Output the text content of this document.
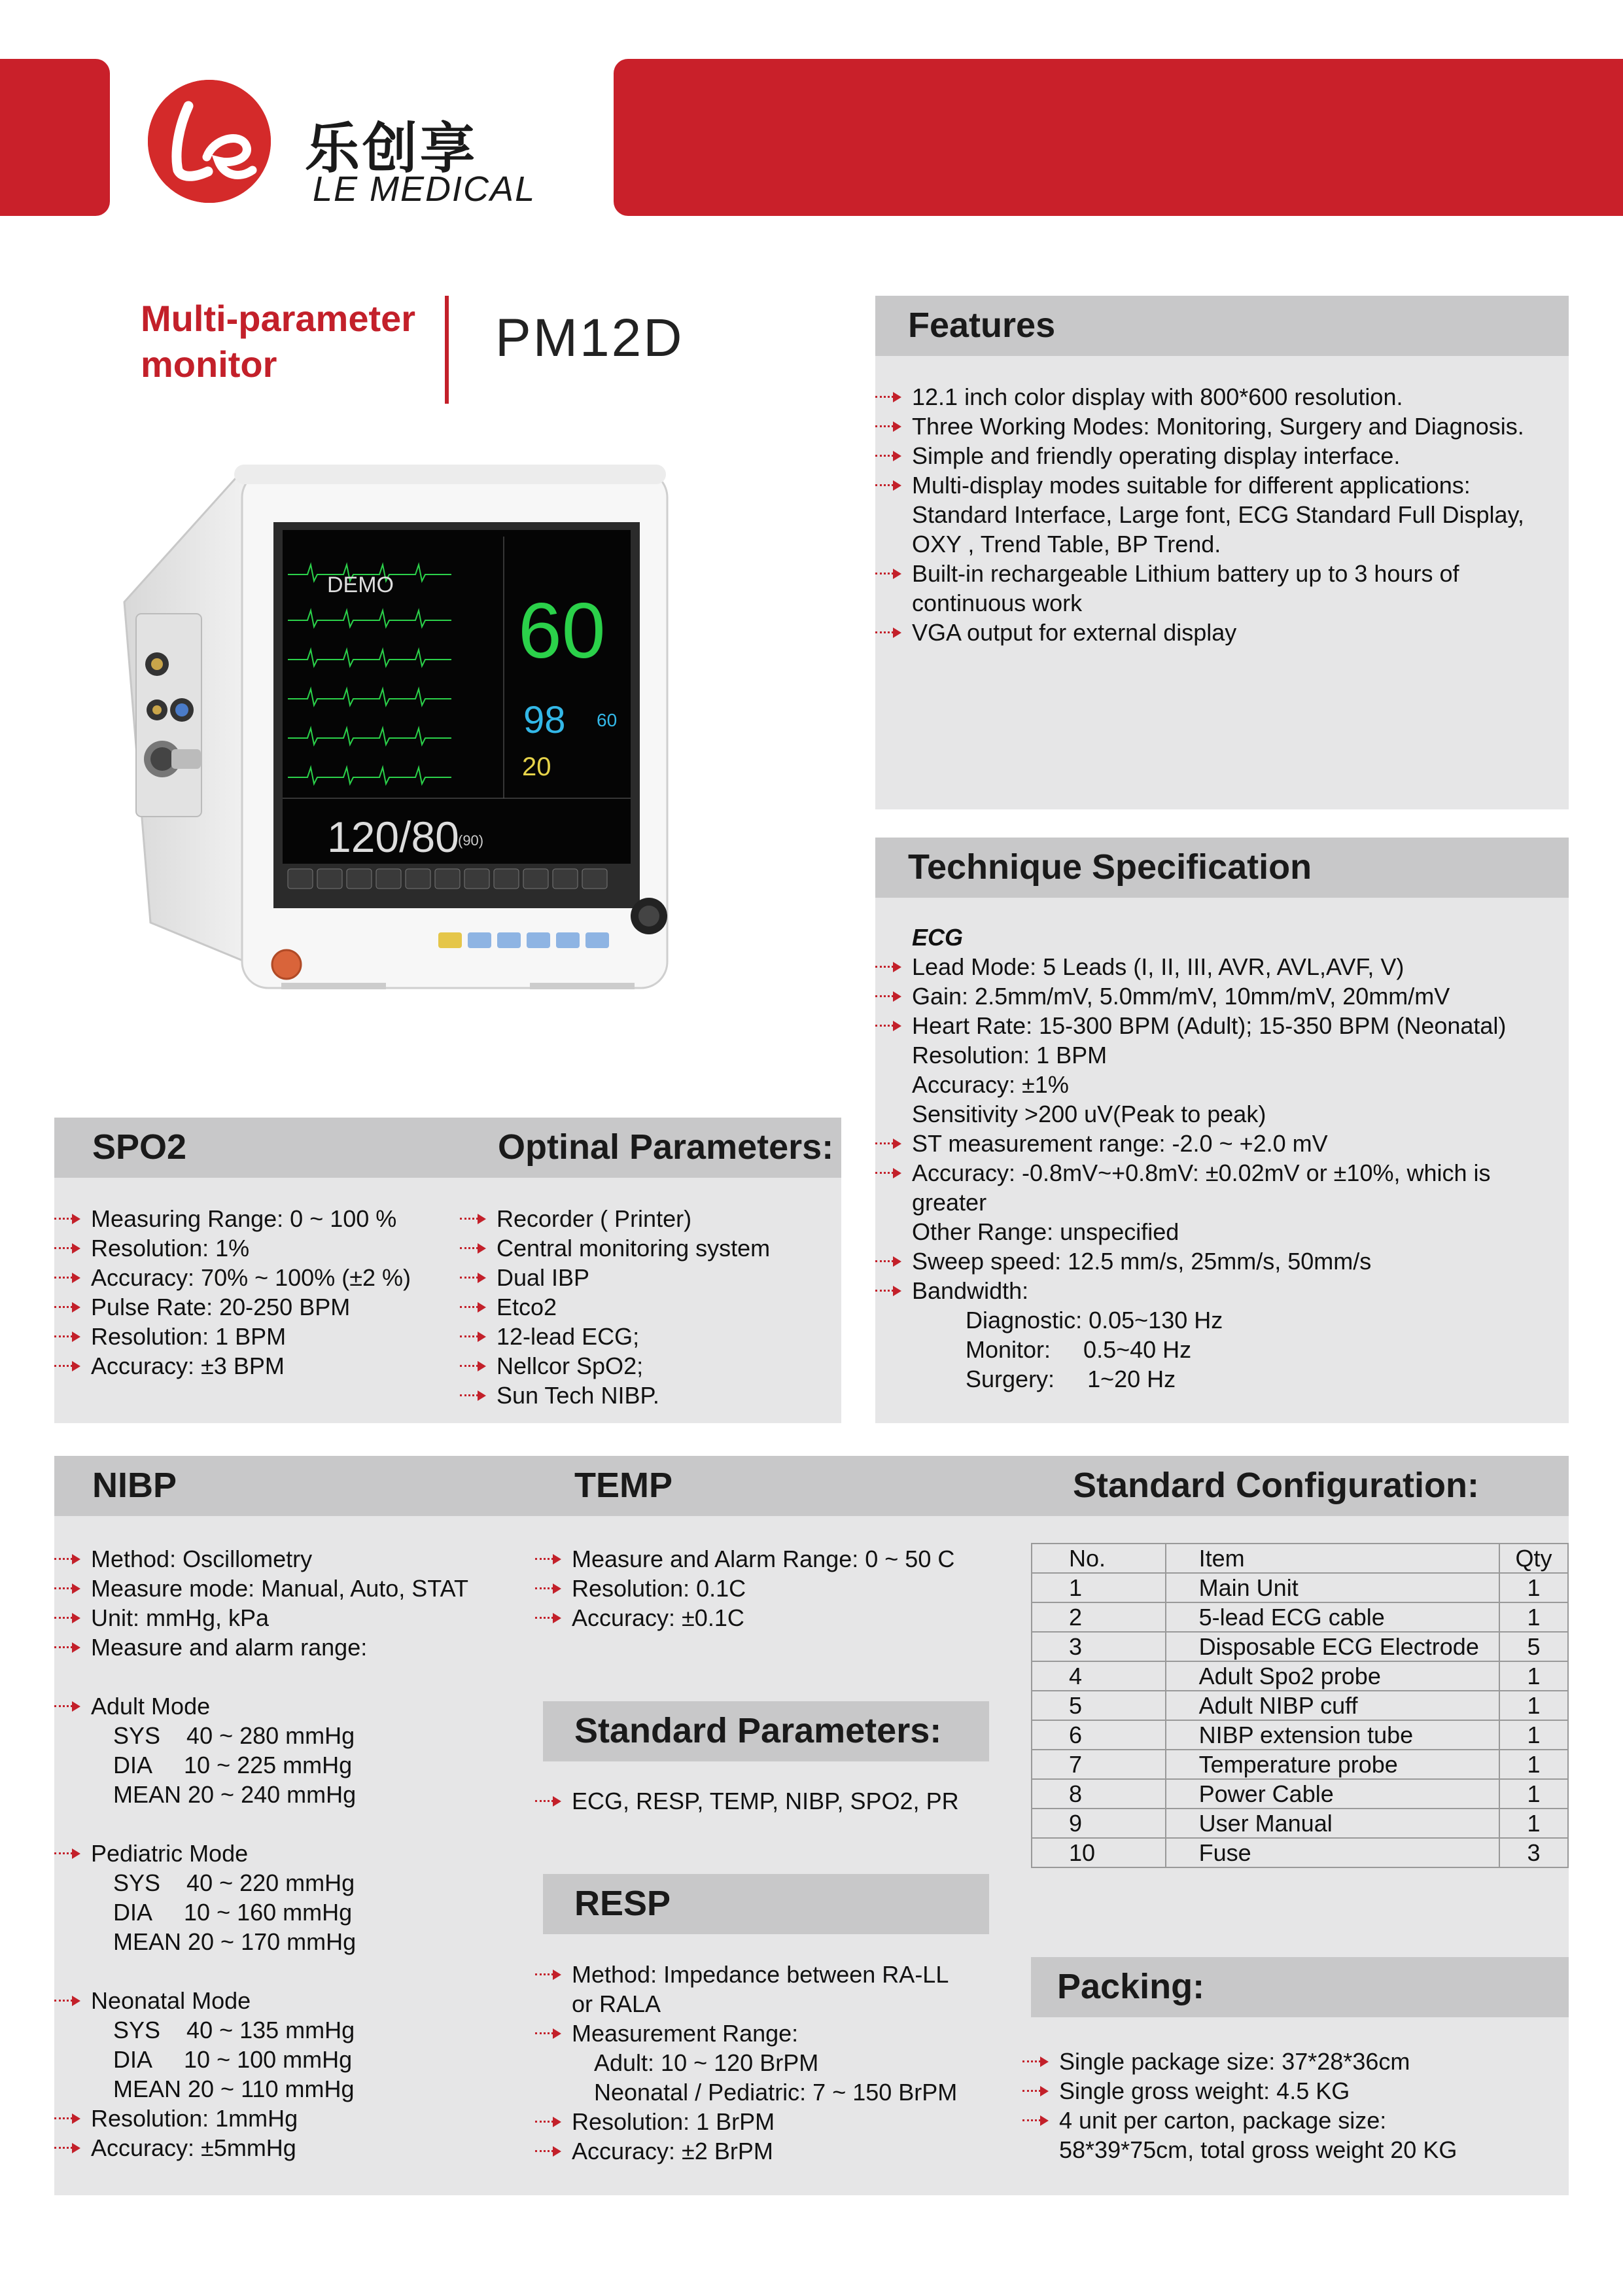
乐创享
LE MEDICAL
Multi-parameter
monitor	PM12D
DEMO
60
98 60
20
120/80
(90)
Features
12.1 inch color display with 800*600 resolution.
Three Working Modes: Monitoring, Surgery and Diagnosis.
Simple and friendly operating display interface.
Multi-display modes suitable for different applications:
Standard Interface, Large font, ECG Standard Full Display,
OXY , Trend Table, BP Trend.
Built-in rechargeable Lithium battery up to 3 hours of
continuous work
VGA output for external display
Technique Specification
ECG
Lead Mode: 5 Leads (I, II, III, AVR, AVL,AVF, V)
Gain: 2.5mm/mV, 5.0mm/mV, 10mm/mV, 20mm/mV
Heart Rate: 15-300 BPM (Adult); 15-350 BPM (Neonatal)
Resolution: 1 BPM
Accuracy: ±1%
Sensitivity >200 uV(Peak to peak)
ST measurement range: -2.0 ~ +2.0 mV
Accuracy: -0.8mV~+0.8mV: ±0.02mV or ±10%, which is
greater
Other Range: unspecified
Sweep speed: 12.5 mm/s, 25mm/s, 50mm/s
Bandwidth:
Diagnostic: 0.05~130 Hz
Monitor:     0.5~40 Hz
Surgery:     1~20 Hz
SPO2	Optinal Parameters:
Measuring Range: 0 ~ 100 %
Resolution: 1%
Accuracy: 70% ~ 100% (±2 %)
Pulse Rate: 20-250 BPM
Resolution: 1 BPM
Accuracy: ±3 BPM
Recorder ( Printer)
Central monitoring system
Dual IBP
Etco2
12-lead ECG;
Nellcor SpO2;
Sun Tech NIBP.
NIBP	TEMP	Standard Configuration:
Method: Oscillometry
Measure mode: Manual, Auto, STAT
Unit: mmHg, kPa
Measure and alarm range:
Adult Mode
SYS    40 ~ 280 mmHg
DIA     10 ~ 225 mmHg
MEAN 20 ~ 240 mmHg
Pediatric Mode
SYS    40 ~ 220 mmHg
DIA     10 ~ 160 mmHg
MEAN 20 ~ 170 mmHg
Neonatal Mode
SYS    40 ~ 135 mmHg
DIA     10 ~ 100 mmHg
MEAN 20 ~ 110 mmHg
Resolution: 1mmHg
Accuracy: ±5mmHg
Measure and Alarm Range: 0 ~ 50 C
Resolution: 0.1C
Accuracy: ±0.1C
Standard Parameters:
ECG, RESP, TEMP, NIBP, SPO2, PR
RESP
Method: Impedance between RA-LL
or RALA
Measurement Range:
Adult: 10 ~ 120 BrPM
Neonatal / Pediatric: 7 ~ 150 BrPM
Resolution: 1 BrPM
Accuracy: ±2 BrPM
No.	Item	Qty
1	Main Unit	1
2	5-lead ECG cable	1
3	Disposable ECG Electrode	5
4	Adult Spo2 probe	1
5	Adult NIBP cuff	1
6	NIBP extension tube	1
7	Temperature probe	1
8	Power Cable	1
9	User Manual	1
10	Fuse	3
Packing:
Single package size: 37*28*36cm
Single gross weight: 4.5 KG
4 unit per carton, package size:
58*39*75cm, total gross weight 20 KG
